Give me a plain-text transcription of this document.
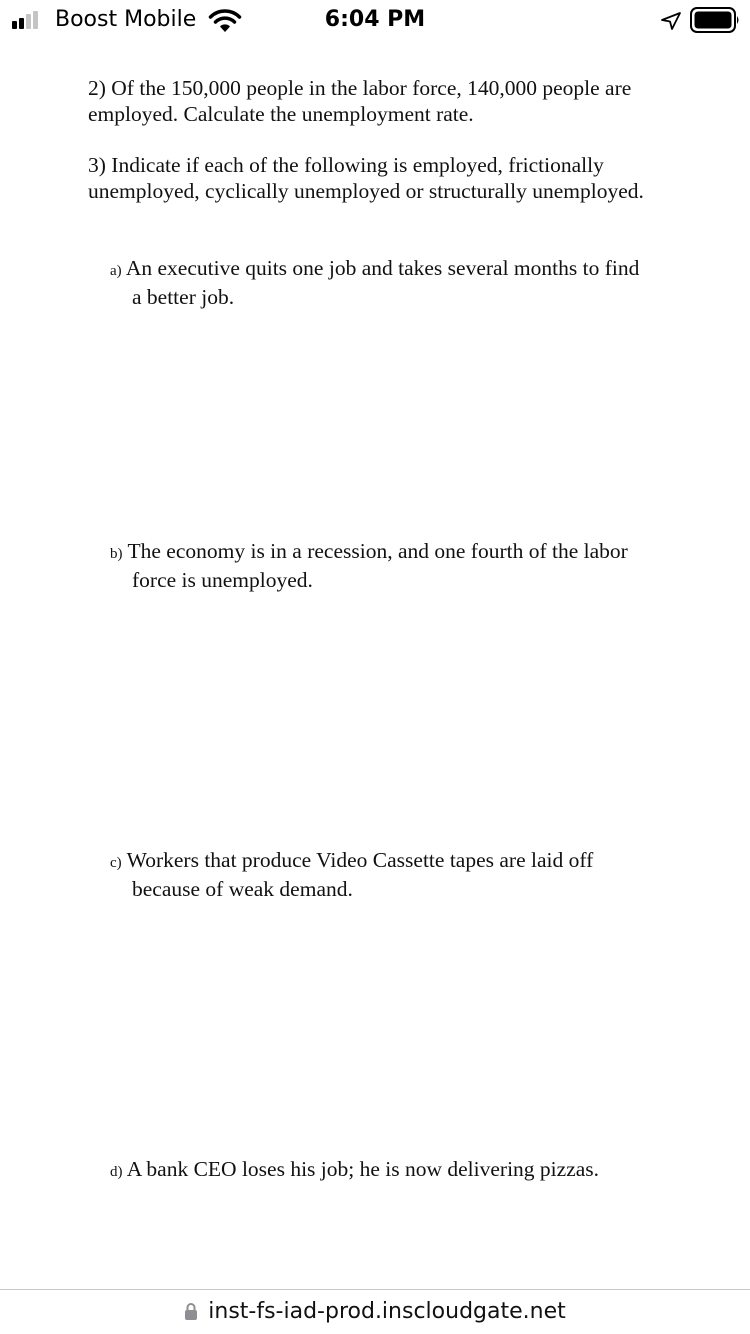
Boost Mobile	6:04 PM
2) Of the 150,000 people in the labor force, 140,000 people are
employed. Calculate the unemployment rate.
3) Indicate if each of the following is employed, frictionally
unemployed, cyclically unemployed or structurally unemployed.
a) An executive quits one job and takes several months to find
a better job.
b) The economy is in a recession, and one fourth of the labor
force is unemployed.
c) Workers that produce Video Cassette tapes are laid off
because of weak demand.
d) A bank CEO loses his job; he is now delivering pizzas.
inst-fs-iad-prod.inscloudgate.net
